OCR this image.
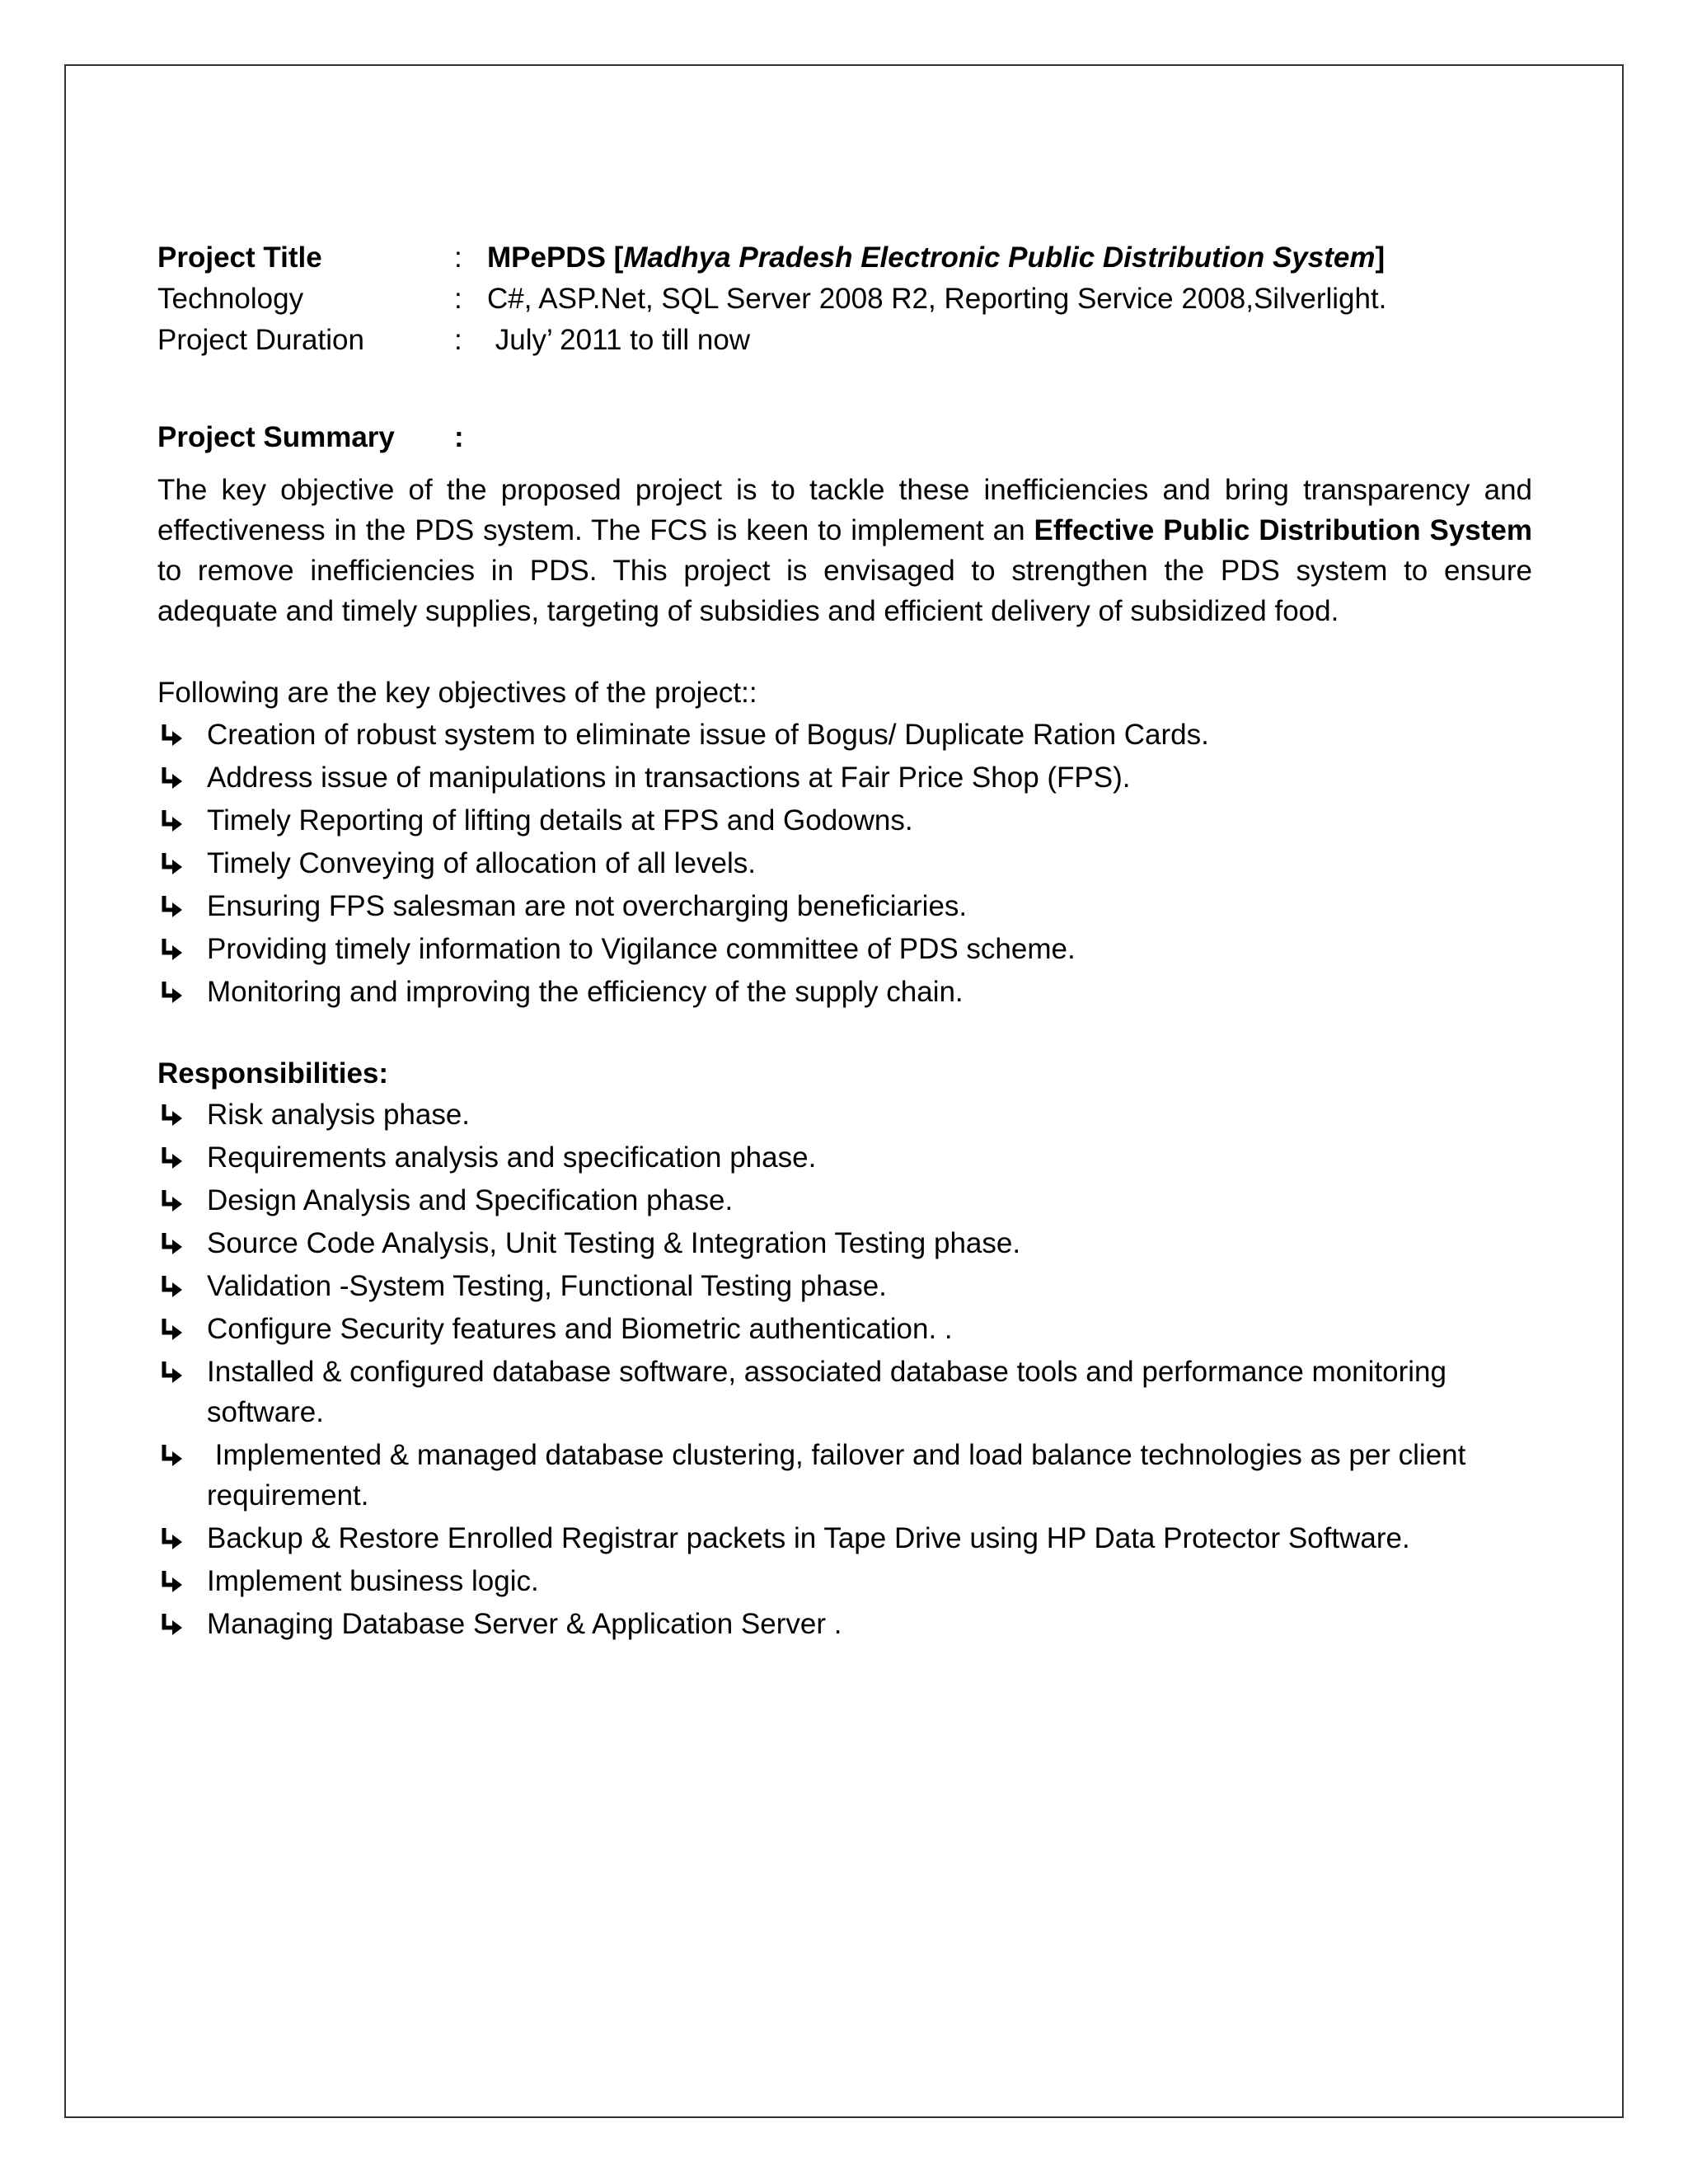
Project Title	: MPePDS [Madhya Pradesh Electronic Public Distribution System]
Technology	: C#, ASP.Net, SQL Server 2008 R2, Reporting Service 2008,Silverlight.
Project Duration	:	July’ 2011 to till now
Project Summary	:
The key objective of the proposed project is to tackle these inefficiencies and bring transparency and effectiveness in the PDS system. The FCS is keen to implement an Effective Public Distribution System to remove inefficiencies in PDS. This project is envisaged to strengthen the PDS system to ensure adequate and timely supplies, targeting of subsidies and efficient delivery of subsidized food.
Following are the key objectives of the project::
Creation of robust system to eliminate issue of Bogus/ Duplicate Ration Cards.
Address issue of manipulations in transactions at Fair Price Shop (FPS).
Timely Reporting of lifting details at FPS and Godowns.
Timely Conveying of allocation of all levels.
Ensuring FPS salesman are not overcharging beneficiaries.
Providing timely information to Vigilance committee of PDS scheme.
Monitoring and improving the efficiency of the supply chain.
Responsibilities:
Risk analysis phase.
Requirements analysis and specification phase.
Design Analysis and Specification phase.
Source Code Analysis, Unit Testing & Integration Testing phase.
Validation -System Testing, Functional Testing phase.
Configure Security features and Biometric authentication. .
Installed & configured database software, associated database tools and performance monitoring software.
Implemented & managed database clustering, failover and load balance technologies as per client requirement.
Backup & Restore Enrolled Registrar packets in Tape Drive using HP Data Protector Software.
Implement business logic.
Managing Database Server & Application Server .
